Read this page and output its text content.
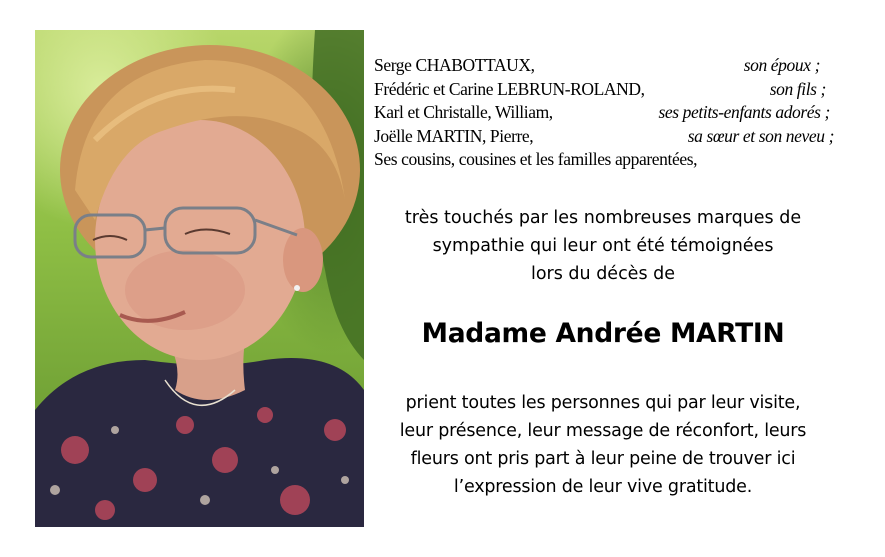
Serge CHABOTTAUX,	son époux ;
Frédéric et Carine LEBRUN-ROLAND,	son fils ;
Karl et Christalle, William,	ses petits-enfants adorés ;
Joëlle MARTIN, Pierre,	sa sœur et son neveu ;
Ses cousins, cousines et les familles apparentées,
très touchés par les nombreuses marques de
sympathie qui leur ont été témoignées
lors du décès de
Madame Andrée MARTIN
prient toutes les personnes qui par leur visite,
leur présence, leur message de réconfort, leurs
fleurs ont pris part à leur peine de trouver ici
l’expression de leur vive gratitude.
